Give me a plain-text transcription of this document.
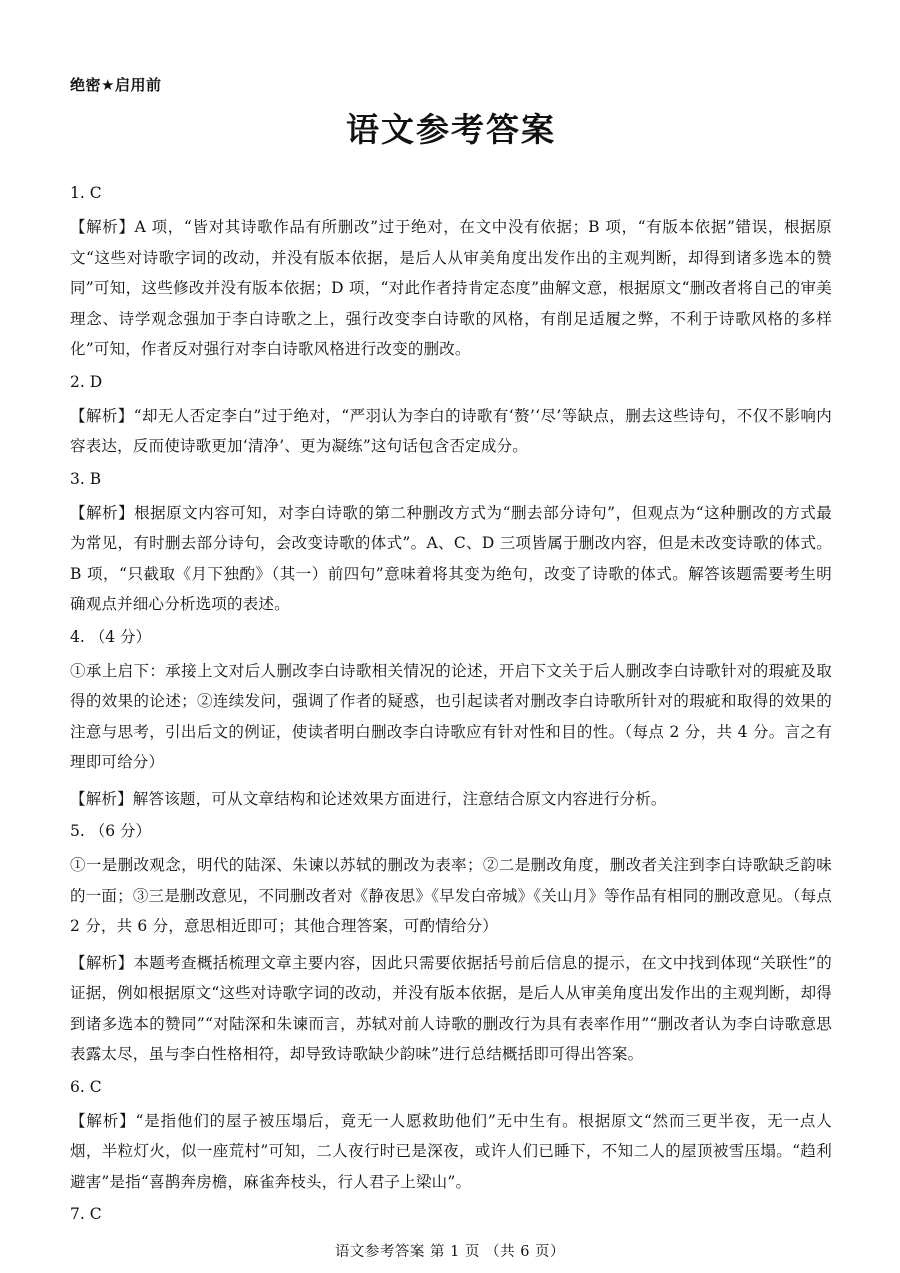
绝密★启用前
语文参考答案
1. C

【解析】A 项，“皆对其诗歌作品有所删改”过于绝对，在文中没有依据；B 项，“有版本依据”错误，根据原文“这些对诗歌字词的改动，并没有版本依据，是后人从审美角度出发作出的主观判断，却得到诸多选本的赞同”可知，这些修改并没有版本依据；D 项，“对此作者持肯定态度”曲解文意，根据原文“删改者将自己的审美理念、诗学观念强加于李白诗歌之上，强行改变李白诗歌的风格，有削足适履之弊，不利于诗歌风格的多样化”可知，作者反对强行对李白诗歌风格进行改变的删改。

2. D

【解析】“却无人否定李白”过于绝对，“严羽认为李白的诗歌有‘赘’‘尽’等缺点，删去这些诗句，不仅不影响内容表达，反而使诗歌更加‘清净’、更为凝练”这句话包含否定成分。

3. B

【解析】根据原文内容可知，对李白诗歌的第二种删改方式为“删去部分诗句”，但观点为“这种删改的方式最为常见，有时删去部分诗句，会改变诗歌的体式”。A、C、D 三项皆属于删改内容，但是未改变诗歌的体式。B 项，“只截取《月下独酌》（其一）前四句”意味着将其变为绝句，改变了诗歌的体式。解答该题需要考生明确观点并细心分析选项的表述。

4. （4 分）

①承上启下：承接上文对后人删改李白诗歌相关情况的论述，开启下文关于后人删改李白诗歌针对的瑕疵及取得的效果的论述；②连续发问，强调了作者的疑惑，也引起读者对删改李白诗歌所针对的瑕疵和取得的效果的注意与思考，引出后文的例证，使读者明白删改李白诗歌应有针对性和目的性。（每点 2 分，共 4 分。言之有理即可给分）

【解析】解答该题，可从文章结构和论述效果方面进行，注意结合原文内容进行分析。

5. （6 分）

①一是删改观念，明代的陆深、朱谏以苏轼的删改为表率；②二是删改角度，删改者关注到李白诗歌缺乏韵味的一面；③三是删改意见，不同删改者对《静夜思》《早发白帝城》《关山月》等作品有相同的删改意见。（每点 2 分，共 6 分，意思相近即可；其他合理答案，可酌情给分）

【解析】本题考查概括梳理文章主要内容，因此只需要依据括号前后信息的提示，在文中找到体现“关联性”的证据，例如根据原文“这些对诗歌字词的改动，并没有版本依据，是后人从审美角度出发作出的主观判断，却得到诸多选本的赞同”“对陆深和朱谏而言，苏轼对前人诗歌的删改行为具有表率作用”“删改者认为李白诗歌意思表露太尽，虽与李白性格相符，却导致诗歌缺少韵味”进行总结概括即可得出答案。

6. C

【解析】“是指他们的屋子被压塌后，竟无一人愿救助他们”无中生有。根据原文“然而三更半夜，无一点人烟，半粒灯火，似一座荒村”可知，二人夜行时已是深夜，或许人们已睡下，不知二人的屋顶被雪压塌。“趋利避害”是指“喜鹊奔房檐，麻雀奔枝头，行人君子上梁山”。

7. C
语文参考答案 第 1 页 （共 6 页）
